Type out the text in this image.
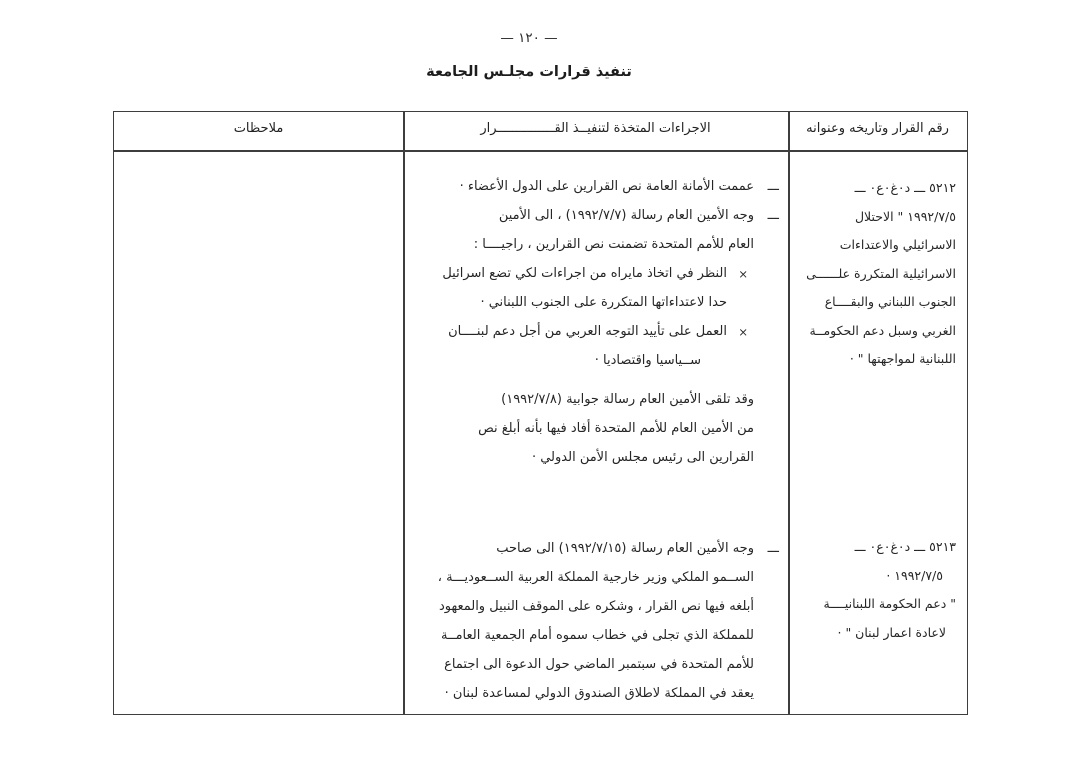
— ١٢٠ —
تنفيذ قرارات مجلـس الجامعة
ملاحظات	الاجراءات المتخذة لتنفيــذ القـــــــــــــــرار	رقم القرار وتاريخه وعنوانه
٥٢١٢ ـــ د٠غ٠ع٠ ـــ
١٩٩٢/٧/٥ " الاحتلال
الاسرائيلي والاعتداءات
الاسرائيلية المتكررة علــــــى
الجنوب اللبناني والبقــــاع
الغربي وسبل دعم الحكومــة
اللبنانية لمواجهتها " ·
ـــ
عممت الأمانة العامة نص القرارين على الدول الأعضاء ·
ـــ
وجه الأمين العام رسالة (١٩٩٢/٧/٧) ، الى الأمين
العام للأمم المتحدة تضمنت نص القرارين ، راجيــــا :
×
النظر في اتخاذ مايراه من اجراءات لكي تضع اسرائيل
حدا لاعتداءاتها المتكررة على الجنوب اللبناني ·
×
العمل على تأييد التوجه العربي من أجل دعم لبنــــان
ســياسيا واقتصاديا ·
وقد تلقى الأمين العام رسالة جوابية (١٩٩٢/٧/٨)
من الأمين العام للأمم المتحدة أفاد فيها بأنه أبلغ نص
القرارين الى رئيس مجلس الأمن الدولي ·
٥٢١٣ ـــ د٠غ٠ع٠ ـــ
١٩٩٢/٧/٥ ·
" دعم الحكومة اللبنانيــــة
لاعادة اعمار لبنان " ·
ـــ
وجه الأمين العام رسالة (١٩٩٢/٧/١٥) الى صاحب
الســمو الملكي وزير خارجية المملكة العربية الســعوديـــة ،
أبلغه فيها نص القرار ، وشكره على الموقف النبيل والمعهود
للمملكة الذي تجلى في خطاب سموه أمام الجمعية العامــة
للأمم المتحدة في سبتمبر الماضي حول الدعوة الى اجتماع
يعقد في المملكة لاطلاق الصندوق الدولي لمساعدة لبنان ·
